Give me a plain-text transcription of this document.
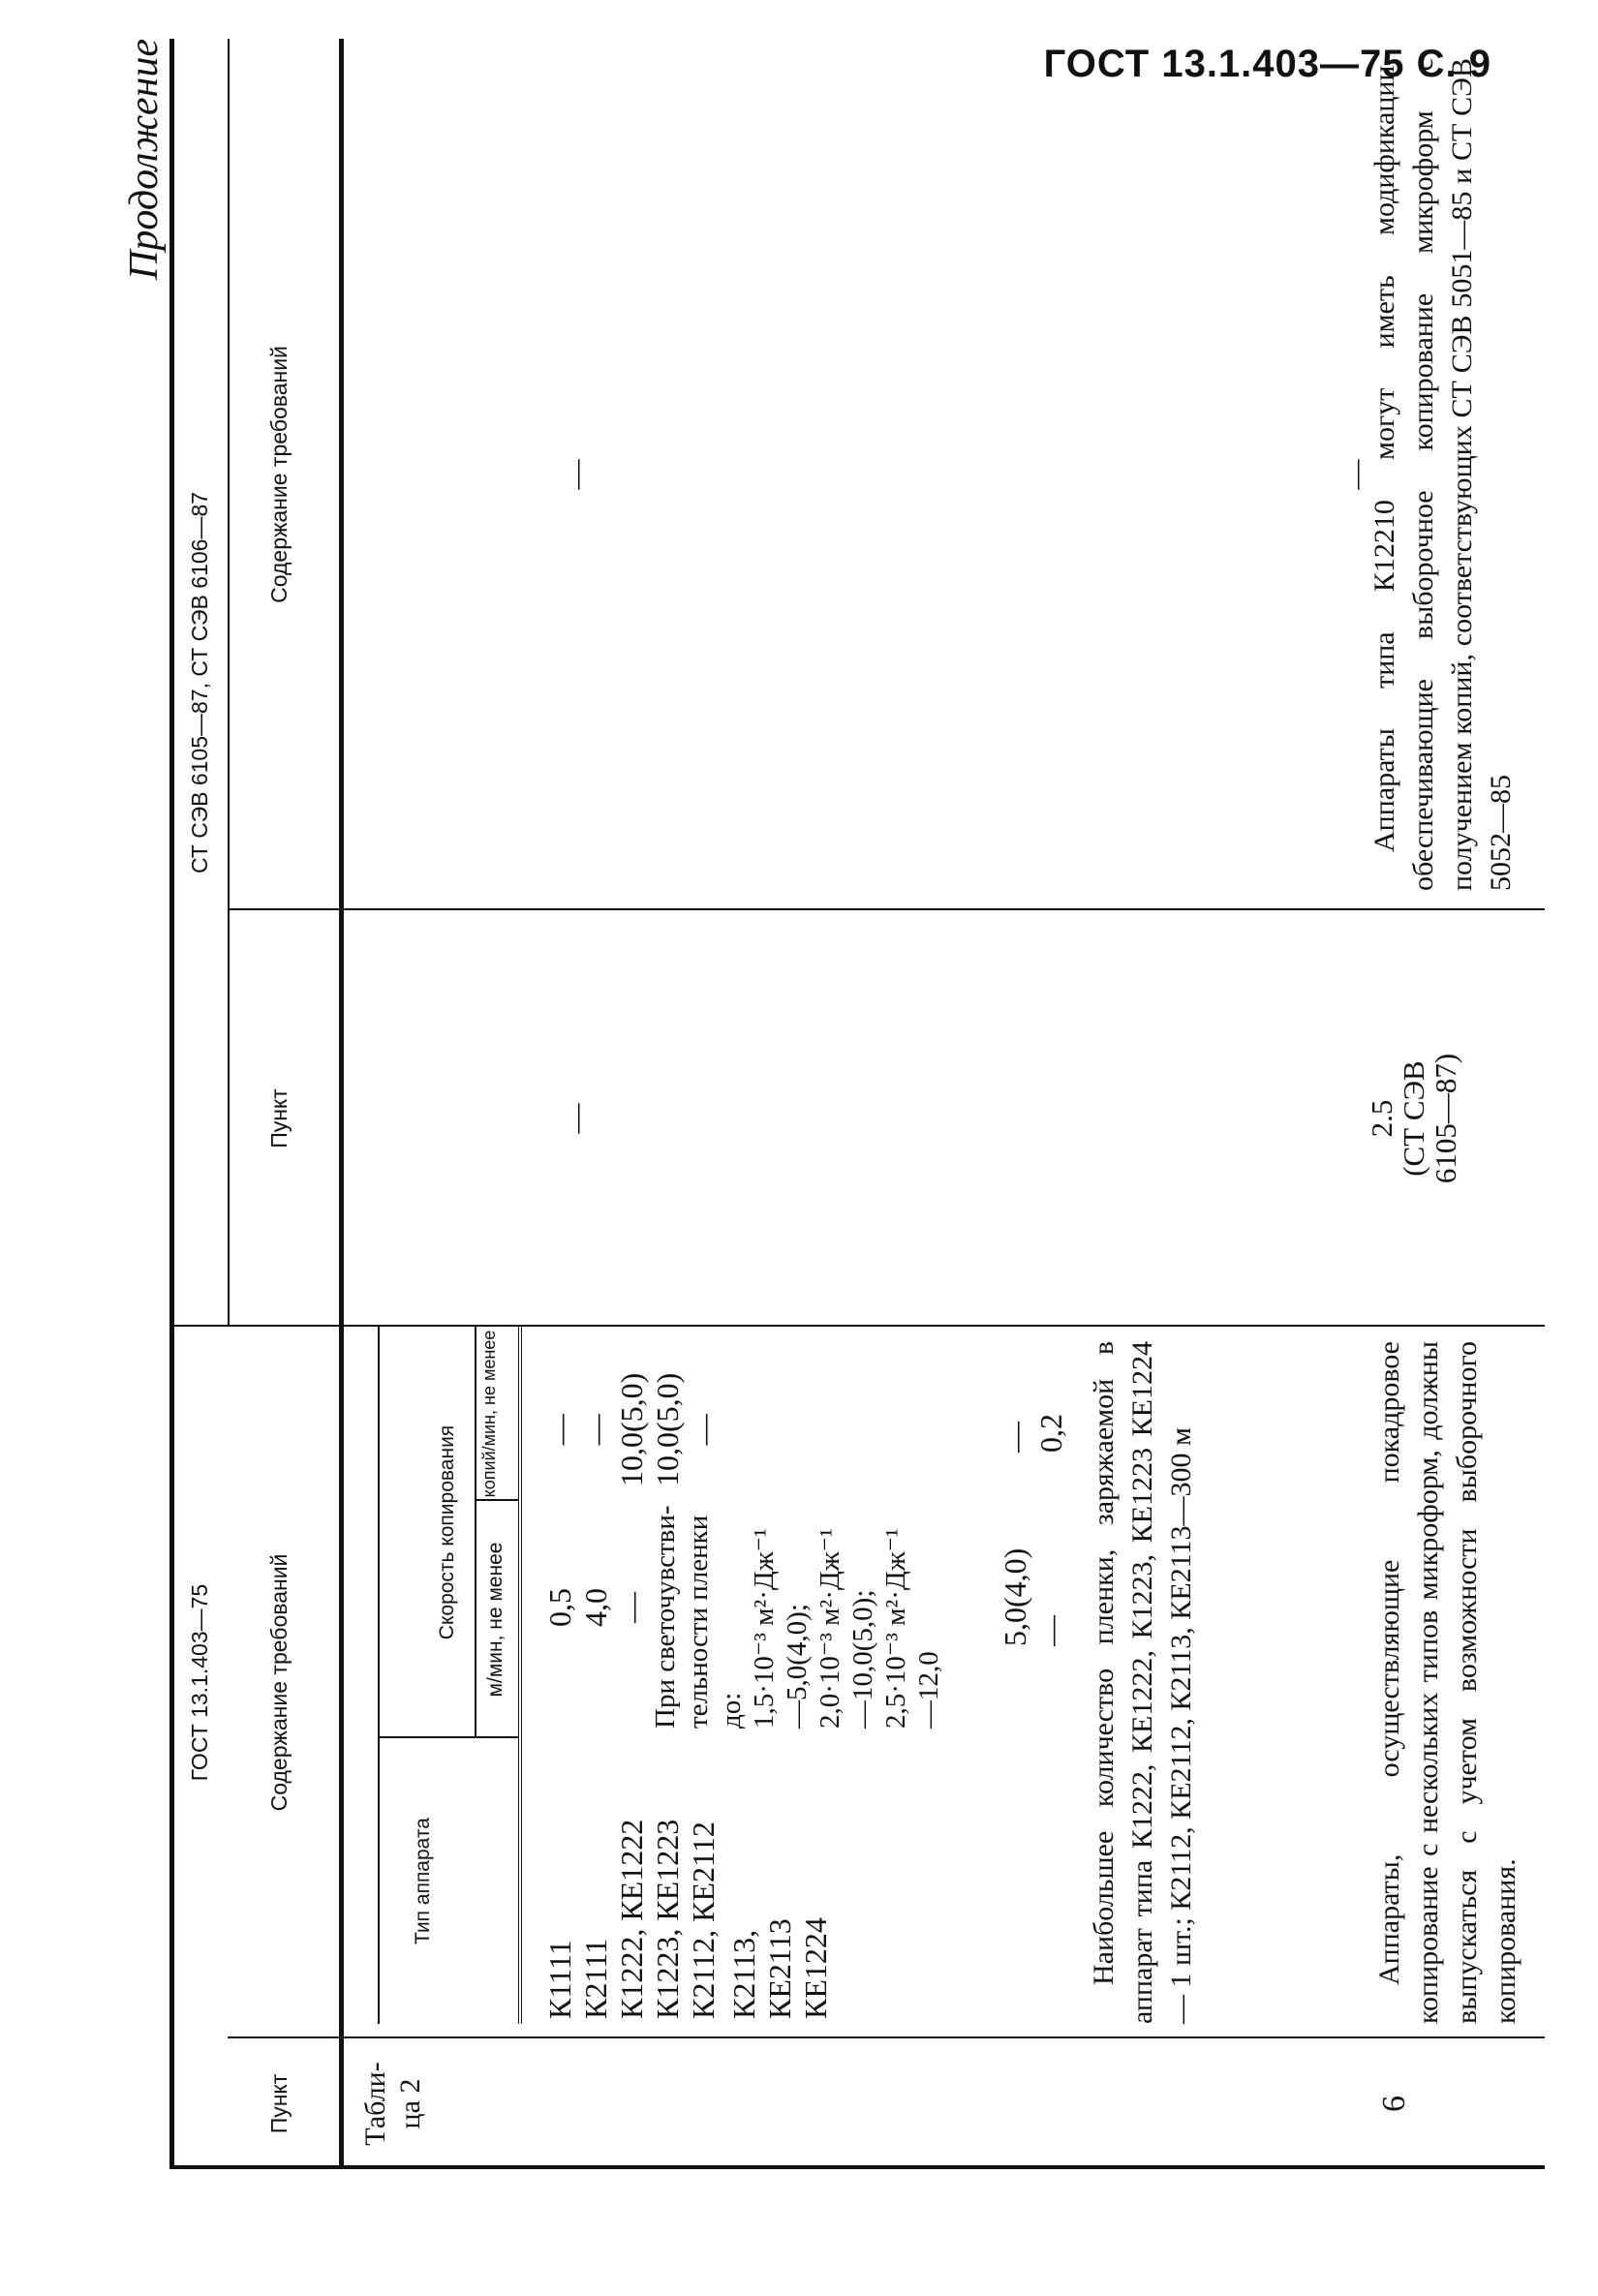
ГОСТ 13.1.403—75 С. 9
Продолжение
ГОСТ 13.1.403—75
СТ СЭВ 6105—87, СТ СЭВ 6106—87
Пункт
Содержание требований
Пункт
Содержание требований
Тип аппарата
Скорость копирования м/мин, не менее
копий/мин, не менее
Табли-
ца 2
К1111
К2111
К1222, КЕ1222
К1223, КЕ1223
К2112, КЕ2112
К2113,
КЕ2113
КЕ1224
0,5
4,0
—
При светочувстви-
тельности пленки
до:
1,5·10⁻³ м²·Дж⁻¹
—5,0(4,0);
2,0·10⁻³ м²·Дж⁻¹
—10,0(5,0);
2,5·10⁻³ м²·Дж⁻¹
—12,0
5,0(4,0)
—
—
—
10,0(5,0)
10,0(5,0)
—	—
0,2 Наибольшее количество пленки, заряжаемой в аппарат типа К1222, КЕ1222, К1223, КЕ1223 КЕ1224 — 1 шт.; К2112, КЕ2112, К2113, КЕ2113—300 м
—
—	—
6
Аппараты, осуществляющие покадровое копирование с нескольких типов микроформ, должны выпускаться с учетом возможности выборочного копирования.
2.5
(СТ СЭВ
6105—87)
Аппараты типа К12210 могут иметь модификации, обеспечивающие выборочное копирование микроформ с получением копий, соответствующих СТ СЭВ 5051—85 и СТ СЭВ 5052—85
